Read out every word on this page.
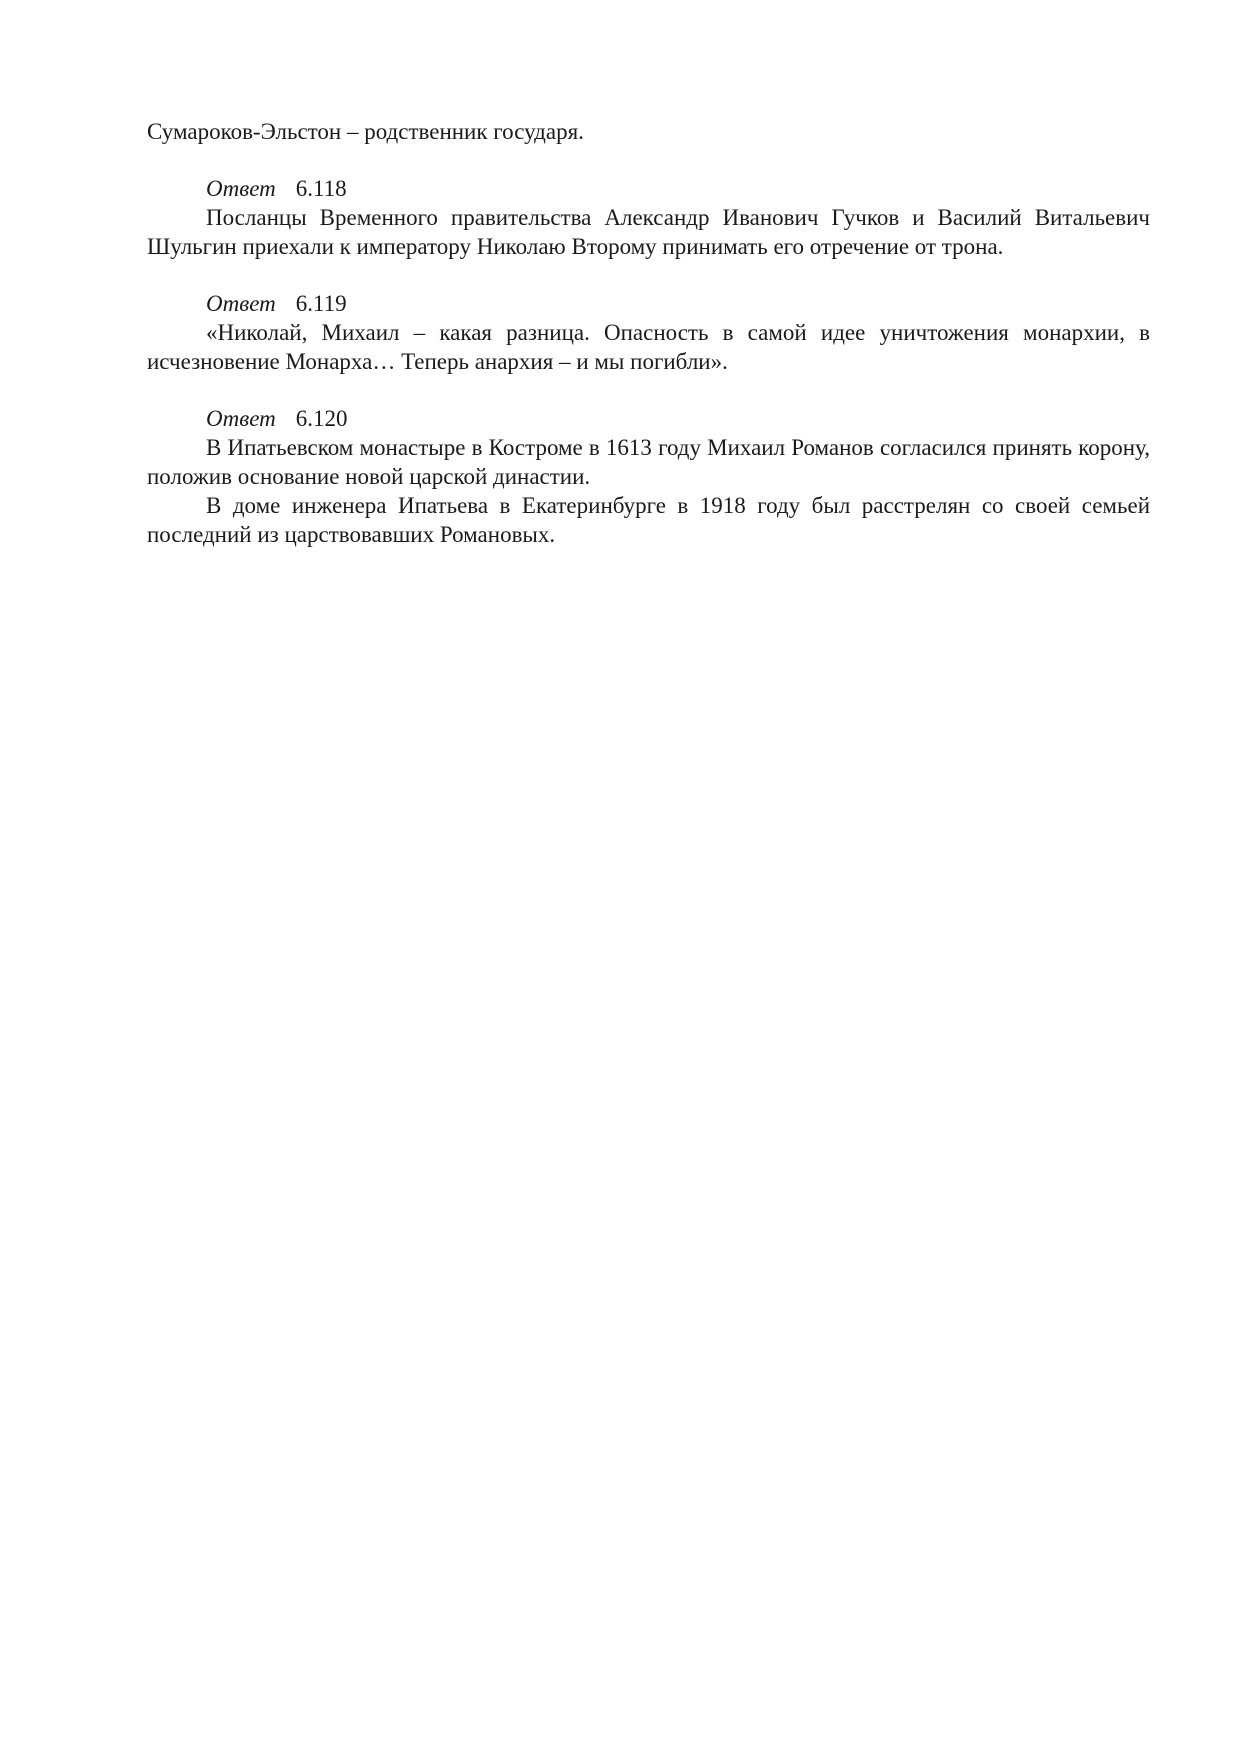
Сумароков-Эльстон – родственник государя.

Ответ 6.118

Посланцы Временного правительства Александр Иванович Гучков и Василий Витальевич Шульгин приехали к императору Николаю Второму принимать его отречение от трона.

Ответ 6.119

«Николай, Михаил – какая разница. Опасность в самой идее уничтожения монархии, в исчезновение Монарха… Теперь анархия – и мы погибли».

Ответ 6.120

В Ипатьевском монастыре в Костроме в 1613 году Михаил Романов согласился принять корону, положив основание новой царской династии.

В доме инженера Ипатьева в Екатеринбурге в 1918 году был расстрелян со своей семьей последний из царствовавших Романовых.
